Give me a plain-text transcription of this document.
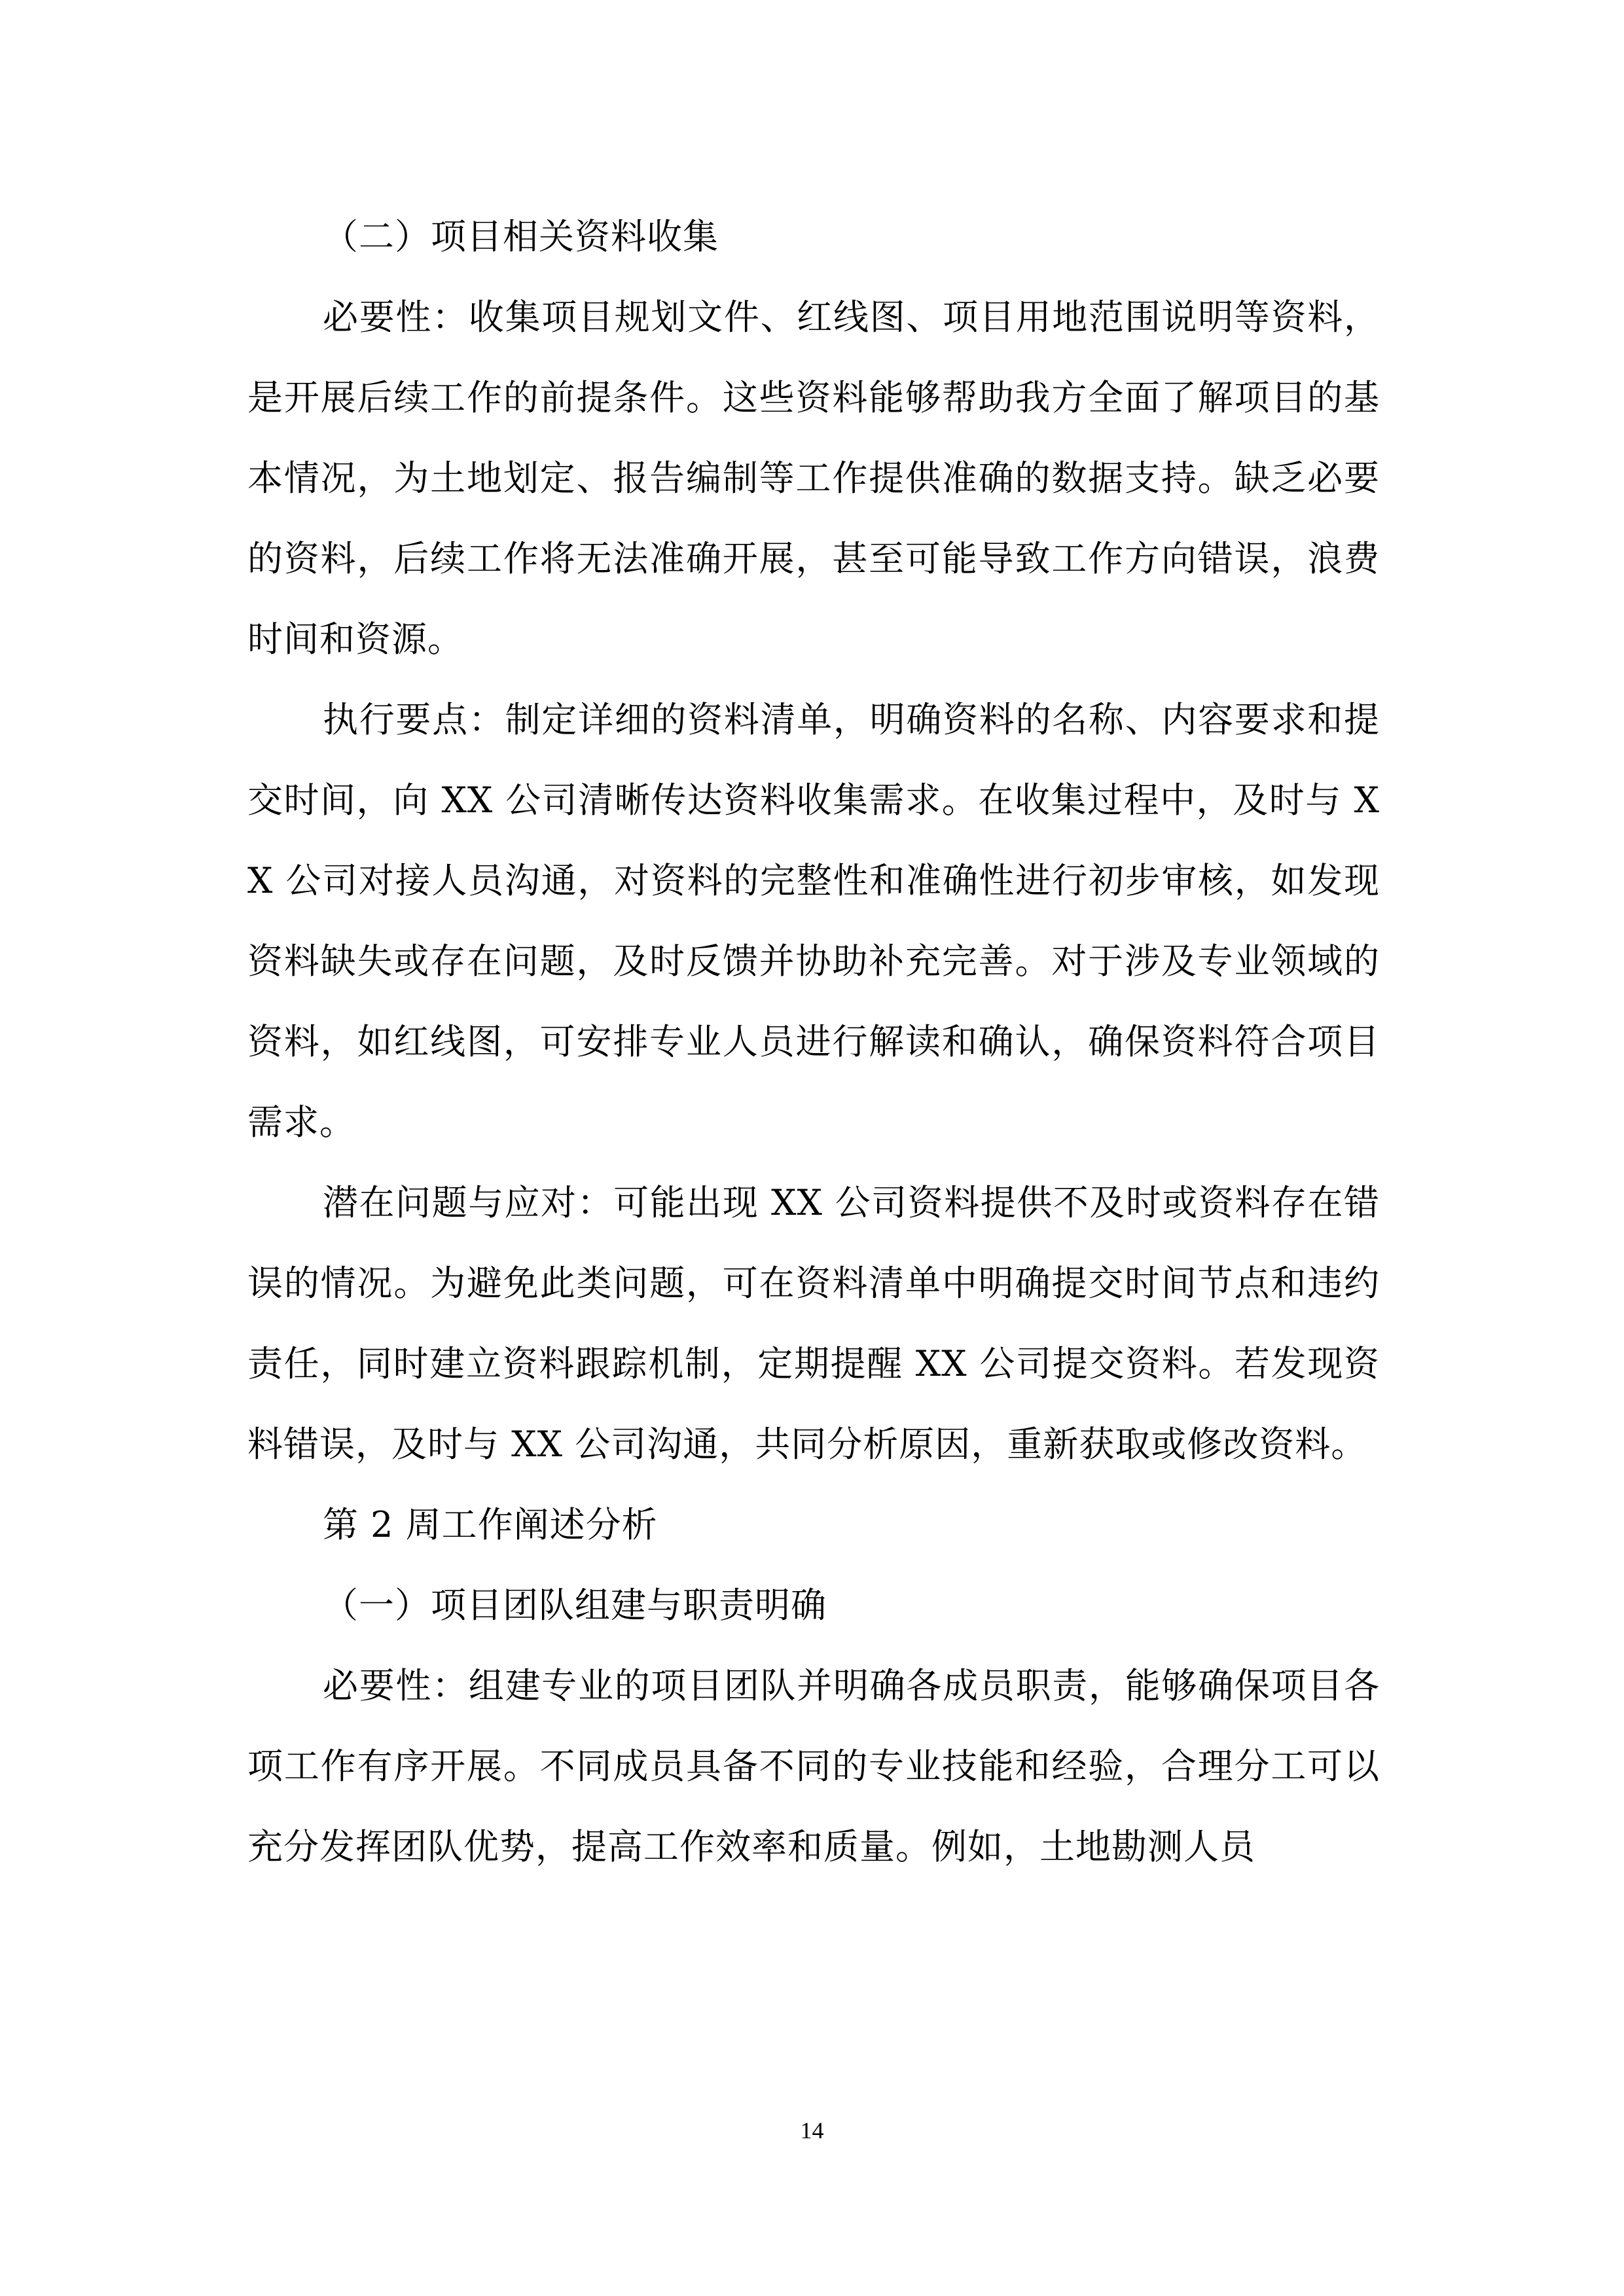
（二）项目相关资料收集

必要性：收集项目规划文件、红线图、项目用地范围说明等资料，是开展后续工作的前提条件。这些资料能够帮助我方全面了解项目的基本情况，为土地划定、报告编制等工作提供准确的数据支持。缺乏必要的资料，后续工作将无法准确开展，甚至可能导致工作方向错误，浪费时间和资源。

执行要点：制定详细的资料清单，明确资料的名称、内容要求和提交时间，向 XX 公司清晰传达资料收集需求。在收集过程中，及时与 XX 公司对接人员沟通，对资料的完整性和准确性进行初步审核，如发现资料缺失或存在问题，及时反馈并协助补充完善。对于涉及专业领域的资料，如红线图，可安排专业人员进行解读和确认，确保资料符合项目需求。

潜在问题与应对：可能出现 XX 公司资料提供不及时或资料存在错误的情况。为避免此类问题，可在资料清单中明确提交时间节点和违约责任，同时建立资料跟踪机制，定期提醒 XX 公司提交资料。若发现资料错误，及时与 XX 公司沟通，共同分析原因，重新获取或修改资料。

第 2 周工作阐述分析

（一）项目团队组建与职责明确

必要性：组建专业的项目团队并明确各成员职责，能够确保项目各项工作有序开展。不同成员具备不同的专业技能和经验，合理分工可以充分发挥团队优势，提高工作效率和质量。例如，土地勘测人员

14
